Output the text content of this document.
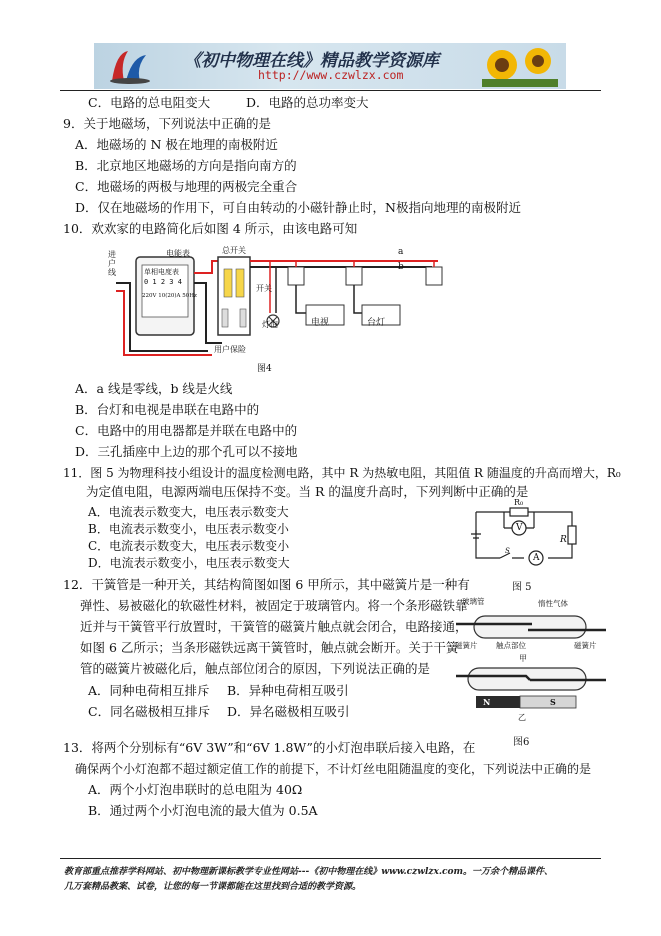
《初中物理在线》精品教学资源库
http://www.czwlzx.com
C．电路的总电阻变大	D．电路的总功率变大
9．关于地磁场，下列说法中正确的是
A．地磁场的 N 极在地理的南极附近
B．北京地区地磁场的方向是指向南方的
C．地磁场的两极与地理的两极完全重合
D．仅在地磁场的作用下，可自由转动的小磁针静止时，N极指向地理的南极附近
10．欢欢家的电路简化后如图 4 所示，由该电路可知
进户线
电能表
单相电度表
0 1 2 3 4
220V 10(20)A 50Hz
总开关
用户保险
开关
灯泡	电视	台灯
a
b
图4
A．a 线是零线，b 线是火线
B．台灯和电视是串联在电路中的
C．电路中的用电器都是并联在电路中的
D．三孔插座中上边的那个孔可以不接地
11．图 5 为物理科技小组设计的温度检测电路，其中 R 为热敏电阻，其阻值 R 随温度的升高而增大，R₀
为定值电阻，电源两端电压保持不变。当 R 的温度升高时，下列判断中正确的是
A．电流表示数变大，电压表示数变大
B．电流表示数变小，电压表示数变小
C．电流表示数变大，电压表示数变小
D．电流表示数变小，电压表示数变大
R₀
V
R
A
S
图 5
12．干簧管是一种开关，其结构简图如图 6 甲所示，其中磁簧片是一种有
弹性、易被磁化的软磁性材料，被固定于玻璃管内。将一个条形磁铁靠
近并与干簧管平行放置时，干簧管的磁簧片触点就会闭合，电路接通，
如图 6 乙所示；当条形磁铁远离干簧管时，触点就会断开。关于干簧
管的磁簧片被磁化后，触点部位闭合的原因，下列说法正确的是
A．同种电荷相互排斥 B．异种电荷相互吸引
C．同名磁极相互排斥 D．异名磁极相互吸引
玻璃管	惰性气体
磁簧片 触点部位	磁簧片
甲
N	S
乙
图6
13．将两个分别标有“6V 3W”和“6V 1.8W”的小灯泡串联后接入电路，在
确保两个小灯泡都不超过额定值工作的前提下，不计灯丝电阻随温度的变化，下列说法中正确的是
A．两个小灯泡串联时的总电阻为 40Ω
B．通过两个小灯泡电流的最大值为 0.5A
教育部重点推荐学科网站、初中物理新课标教学专业性网站---《初中物理在线》www.czwlzx.com。一万余个精品课件、
几万套精品教案、试卷，让您的每一节课都能在这里找到合适的教学资源。
